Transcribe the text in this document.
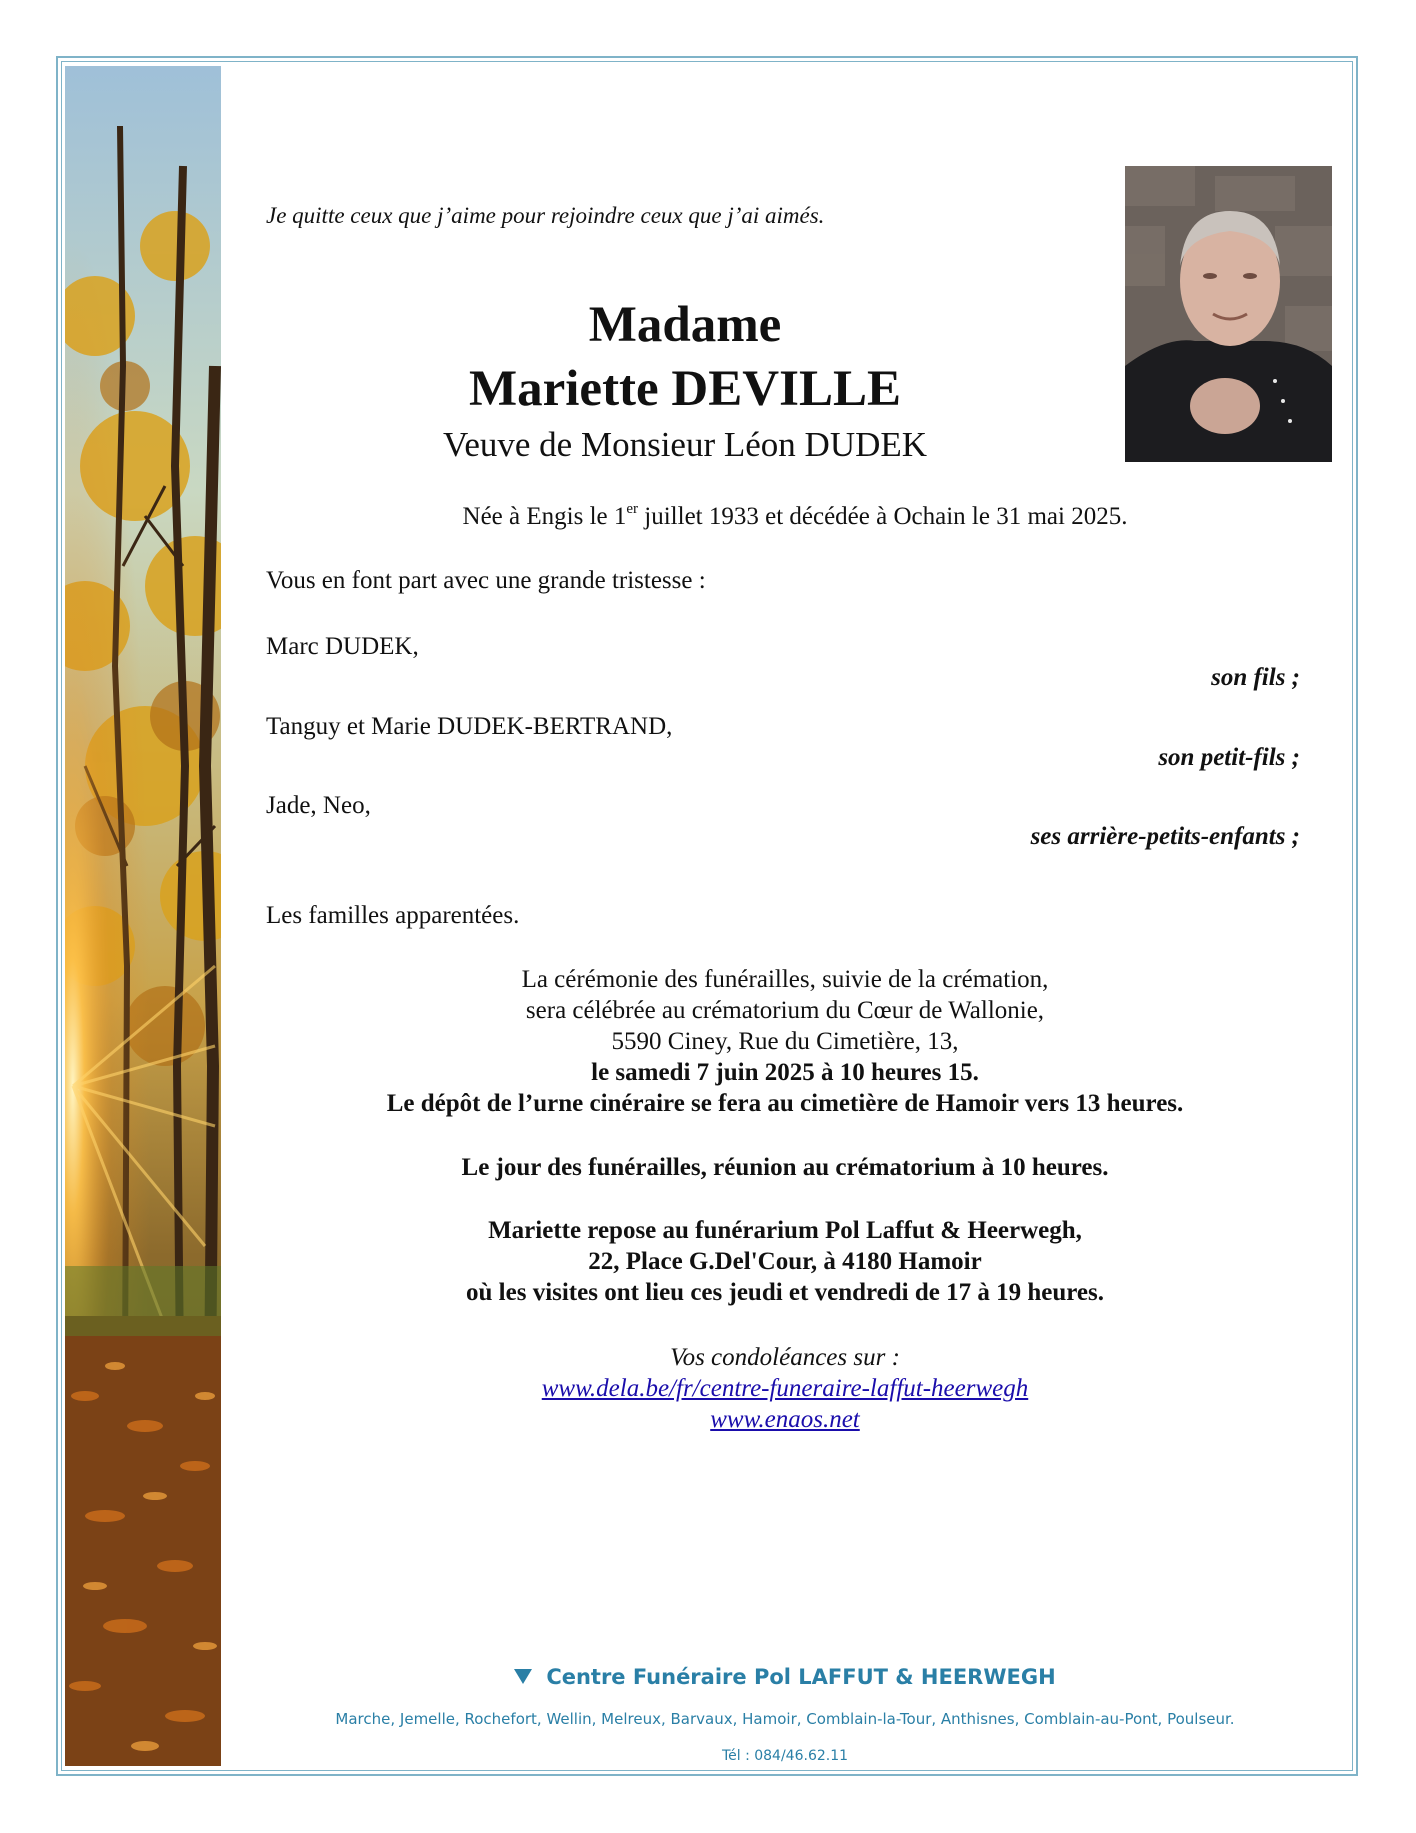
Je quitte ceux que j’aime pour rejoindre ceux que j’ai aimés.
Madame
Mariette DEVILLE
Veuve de Monsieur Léon DUDEK
Née à Engis le 1er juillet 1933 et décédée à Ochain le 31 mai 2025.
Vous en font part avec une grande tristesse :
Marc DUDEK,
son fils ;
Tanguy et Marie DUDEK-BERTRAND,
son petit-fils ;
Jade, Neo,
ses arrière-petits-enfants ;
Les familles apparentées.
La cérémonie des funérailles, suivie de la crémation,
sera célébrée au crématorium du Cœur de Wallonie,
5590 Ciney, Rue du Cimetière, 13,
le samedi 7 juin 2025 à 10 heures 15.
Le dépôt de l’urne cinéraire se fera au cimetière de Hamoir vers 13 heures.
Le jour des funérailles, réunion au crématorium à 10 heures.
Mariette repose au funérarium Pol Laffut & Heerwegh,
22, Place G.Del'Cour, à 4180 Hamoir
où les visites ont lieu ces jeudi et vendredi de 17 à 19 heures.
Vos condoléances sur :
www.dela.be/fr/centre-funeraire-laffut-heerwegh
www.enaos.net
Centre Funéraire Pol LAFFUT & HEERWEGH
Marche, Jemelle, Rochefort, Wellin, Melreux, Barvaux, Hamoir, Comblain-la-Tour, Anthisnes, Comblain-au-Pont, Poulseur.
Tél : 084/46.62.11
